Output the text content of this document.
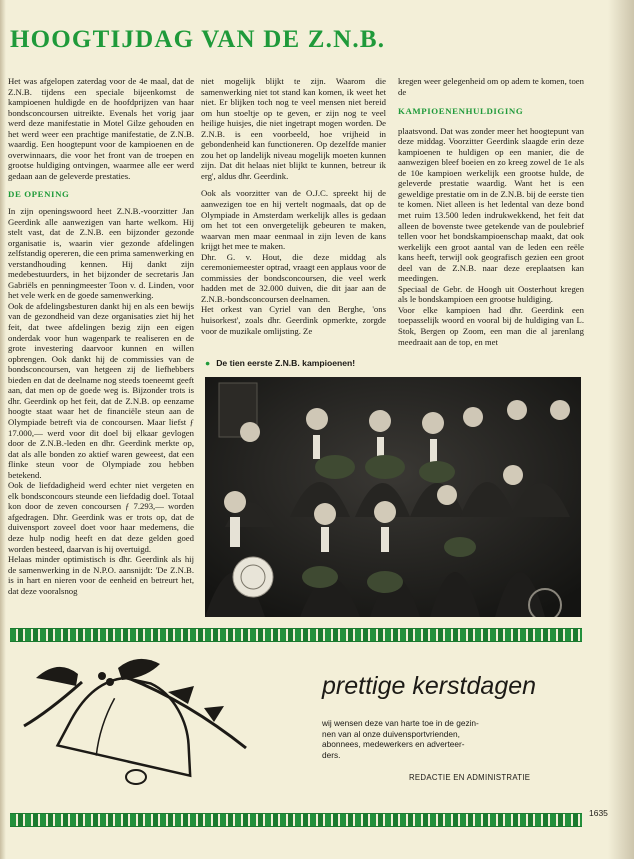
HOOGTIJDAG VAN DE Z.N.B.

Het was afgelopen zaterdag voor de 4e maal, dat de Z.N.B. tijdens een speciale bijeenkomst de kampioenen huldigde en de hoofdprijzen van haar bondsconcoursen uitreikte. Evenals het vorig jaar werd deze manifestatie in Motel Gilze gehouden en het werd weer een prachtige manifestatie, de Z.N.B. waardig. Een hoogtepunt voor de kampioenen en de overwinnaars, die voor het front van de troepen en grootse huldiging ontvingen, waarmee alle eer werd gedaan aan de geleverde prestaties.

DE OPENING

In zijn openingswoord heet Z.N.B.-voorzitter Jan Geerdink alle aanwezigen van harte welkom. Hij stelt vast, dat de Z.N.B. een bijzonder gezonde organisatie is, waarin vier gezonde afdelingen zelfstandig opereren, die een prima samenwerking en verstandhouding kennen. Hij dankt zijn medebestuurders, in het bijzonder de secretaris Jan Gabriëls en penningmeester Toon v. d. Linden, voor het vele werk en de goede samenwerking.

Ook de afdelingsbesturen dankt hij en als een bewijs van de gezondheid van deze organisaties ziet hij het feit, dat twee afdelingen bezig zijn een eigen onderdak voor hun wagenpark te realiseren en de grote investering daarvoor kunnen en willen opbrengen. Ook dankt hij de commissies van de bondsconcoursen, van hetgeen zij de liefhebbers bieden en dat de deelname nog steeds toeneemt geeft aan, dat men op de goede weg is. Bijzonder trots is dhr. Geerdink op het feit, dat de Z.N.B. op eenzame hoogte staat waar het de financiële steun aan de Olympiade betreft via de concoursen. Maar liefst ƒ 17.000,— werd voor dit doel bij elkaar gevlogen door de Z.N.B.-leden en dhr. Geerdink merkte op, dat als alle bonden zo aktief waren geweest, dat een flinke steun voor de Olympiade zou hebben betekend.

Ook de liefdadigheid werd echter niet vergeten en elk bondsconcours steunde een liefdadig doel. Totaal kon door de zeven concoursen ƒ 7.293,— worden afgedragen. Dhr. Geerdink was er trots op, dat de duivensport zoveel doet voor haar medemens, die deze hulp nodig heeft en dat deze gelden goed worden besteed, daarvan is hij overtuigd.

Helaas minder optimistisch is dhr. Geerdink als hij de samenwerking in de N.P.O. aansnijdt: 'De Z.N.B. is in hart en nieren voor de eenheid en betreurt het, dat deze vooralsnog

niet mogelijk blijkt te zijn. Waarom die samenwerking niet tot stand kan komen, ik weet het niet. Er blijken toch nog te veel mensen niet bereid om hun stoeltje op te geven, er zijn nog te veel heilige huisjes, die niet ingetrapt mogen worden. De Z.N.B. is een voorbeeld, hoe vrijheid in gebondenheid kan functioneren. Op dezelfde manier zou het op landelijk niveau mogelijk moeten kunnen zijn. Dat dit helaas niet blijkt te kunnen, betreur ik erg', aldus dhr. Geerdink.

Ook als voorzitter van de O.J.C. spreekt hij de aanwezigen toe en hij vertelt nogmaals, dat op de Olympiade in Amsterdam werkelijk alles is gedaan om het tot een onvergetelijk gebeuren te maken, waarvan men maar eenmaal in zijn leven de kans krijgt het mee te maken.

Dhr. G. v. Hout, die deze middag als ceremoniemeester optrad, vraagt een applaus voor de commissies der bondsconcoursen, die veel werk hadden met de 32.000 duiven, die dit jaar aan de Z.N.B.-bondsconcoursen deelnamen.

Het orkest van Cyriel van den Berghe, 'ons huisorkest', zoals dhr. Geerdink opmerkte, zorgde voor de muzikale omlijsting. Ze

kregen weer gelegenheid om op adem te komen, toen de

KAMPIOENENHULDIGING

plaatsvond. Dat was zonder meer het hoogtepunt van deze middag. Voorzitter Geerdink slaagde erin deze kampioenen te huldigen op een manier, die de aanwezigen bleef boeien en zo kreeg zowel de 1e als de 10e kampioen werkelijk een grootse hulde, de geleverde prestatie waardig. Want het is een geweldige prestatie om in de Z.N.B. bij de eerste tien te komen. Niet alleen is het ledental van deze bond met ruim 13.500 leden indrukwekkend, het feit dat alleen de bovenste twee getekende van de poulebrief tellen voor het bondskampioenschap maakt, dat ook werkelijk een groot aantal van de leden een reële kans heeft, terwijl ook geografisch gezien een groot deel van de Z.N.B. naar deze ereplaatsen kan meedingen.

Speciaal de Gebr. de Hoogh uit Oosterhout kregen als le bondskampioen een grootse huldiging.

Voor elke kampioen had dhr. Geerdink een toepasselijk woord en vooral bij de huldiging van L. Stok, Bergen op Zoom, een man die al jarenlang meedraait aan de top, en met

● De tien eerste Z.N.B. kampioenen!
prettige kerstdagen

wij wensen deze van harte toe in de gezin-

nen van al onze duivensportvrienden,

abonnees, medewerkers en adverteer-

ders.

REDACTIE EN ADMINISTRATIE
1635
